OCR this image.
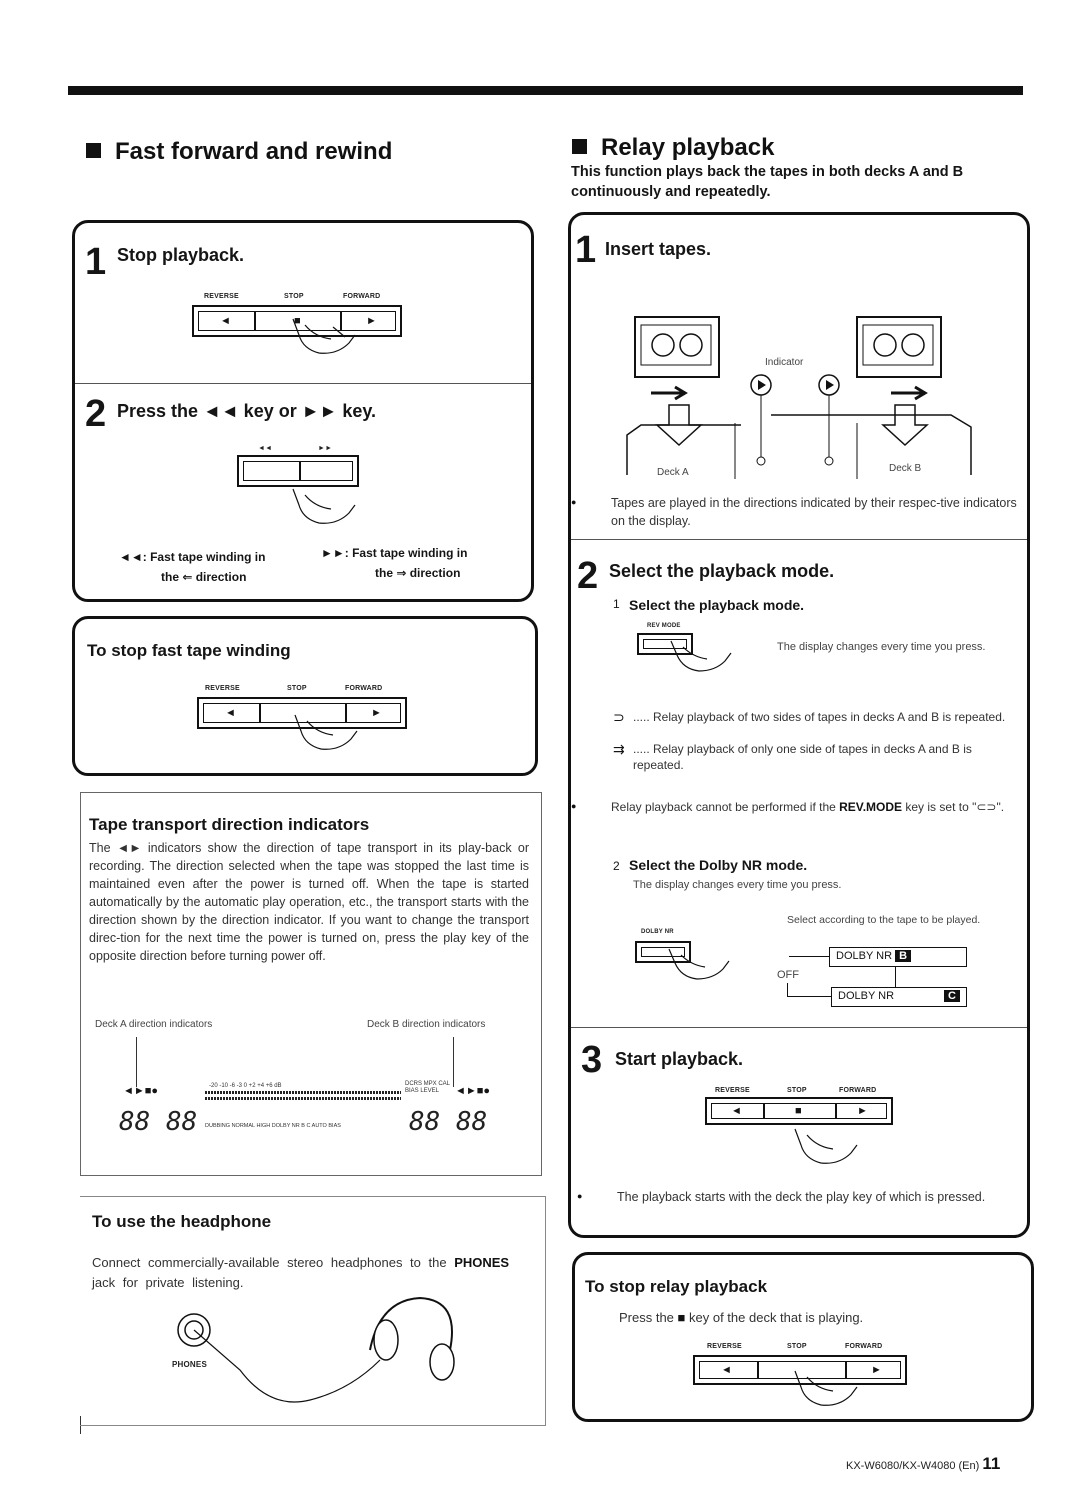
Fast forward and rewind
1 Stop playback.
REVERSE	STOP	FORWARD
◄	■	►
2 Press the ◄◄ key or ►► key.
◄◄	►►
◄◄: Fast tape winding in
the ⇐ direction
►►: Fast tape winding in
the ⇒ direction
To stop fast tape winding
REVERSE	STOP	FORWARD
◄	►
Tape transport direction indicators
The ◄► indicators show the direction of tape transport in its play-back or recording. The direction selected when the tape was stopped the last time is maintained even after the power is turned off. When the tape is started automatically by the automatic play operation, etc., the transport starts with the direction shown by the direction indicator. If you want to change the transport direc-tion for the next time the power is turned on, press the play key of the opposite direction before turning power off.
Deck A direction indicators	Deck B direction indicators
◄►■●	◄►■●
-20 -10 -6 -3 0 +2 +4 +6 dB	DCRS MPX CAL BIAS LEVEL
88 88	88 88
DUBBING NORMAL HIGH DOLBY NR B C AUTO BIAS
To use the headphone
Connect commercially-available stereo headphones to the PHONES jack for private listening.
PHONES
Relay playback
This function plays back the tapes in both decks A and B continuously and repeatedly.
1 Insert tapes.
Indicator
Deck A	Deck B
● Tapes are played in the directions indicated by their respec-tive indicators on the display.
2 Select the playback mode.
1 Select the playback mode.
REV MODE
The display changes every time you press.
⊃ ..... Relay playback of two sides of tapes in decks A and B is repeated.
⇉ ..... Relay playback of only one side of tapes in decks A and B is repeated.
● Relay playback cannot be performed if the REV.MODE key is set to "⊂⊃".
2 Select the Dolby NR mode.
The display changes every time you press.
DOLBY NR
Select according to the tape to be played.
DOLBY NR B
OFF
DOLBY NR	C
3 Start playback.
REVERSE	STOP	FORWARD
◄	■	►
● The playback starts with the deck the play key of which is pressed.
To stop relay playback
Press the ■ key of the deck that is playing.
REVERSE	STOP	FORWARD
◄	►
KX-W6080/KX-W4080 (En) 11
